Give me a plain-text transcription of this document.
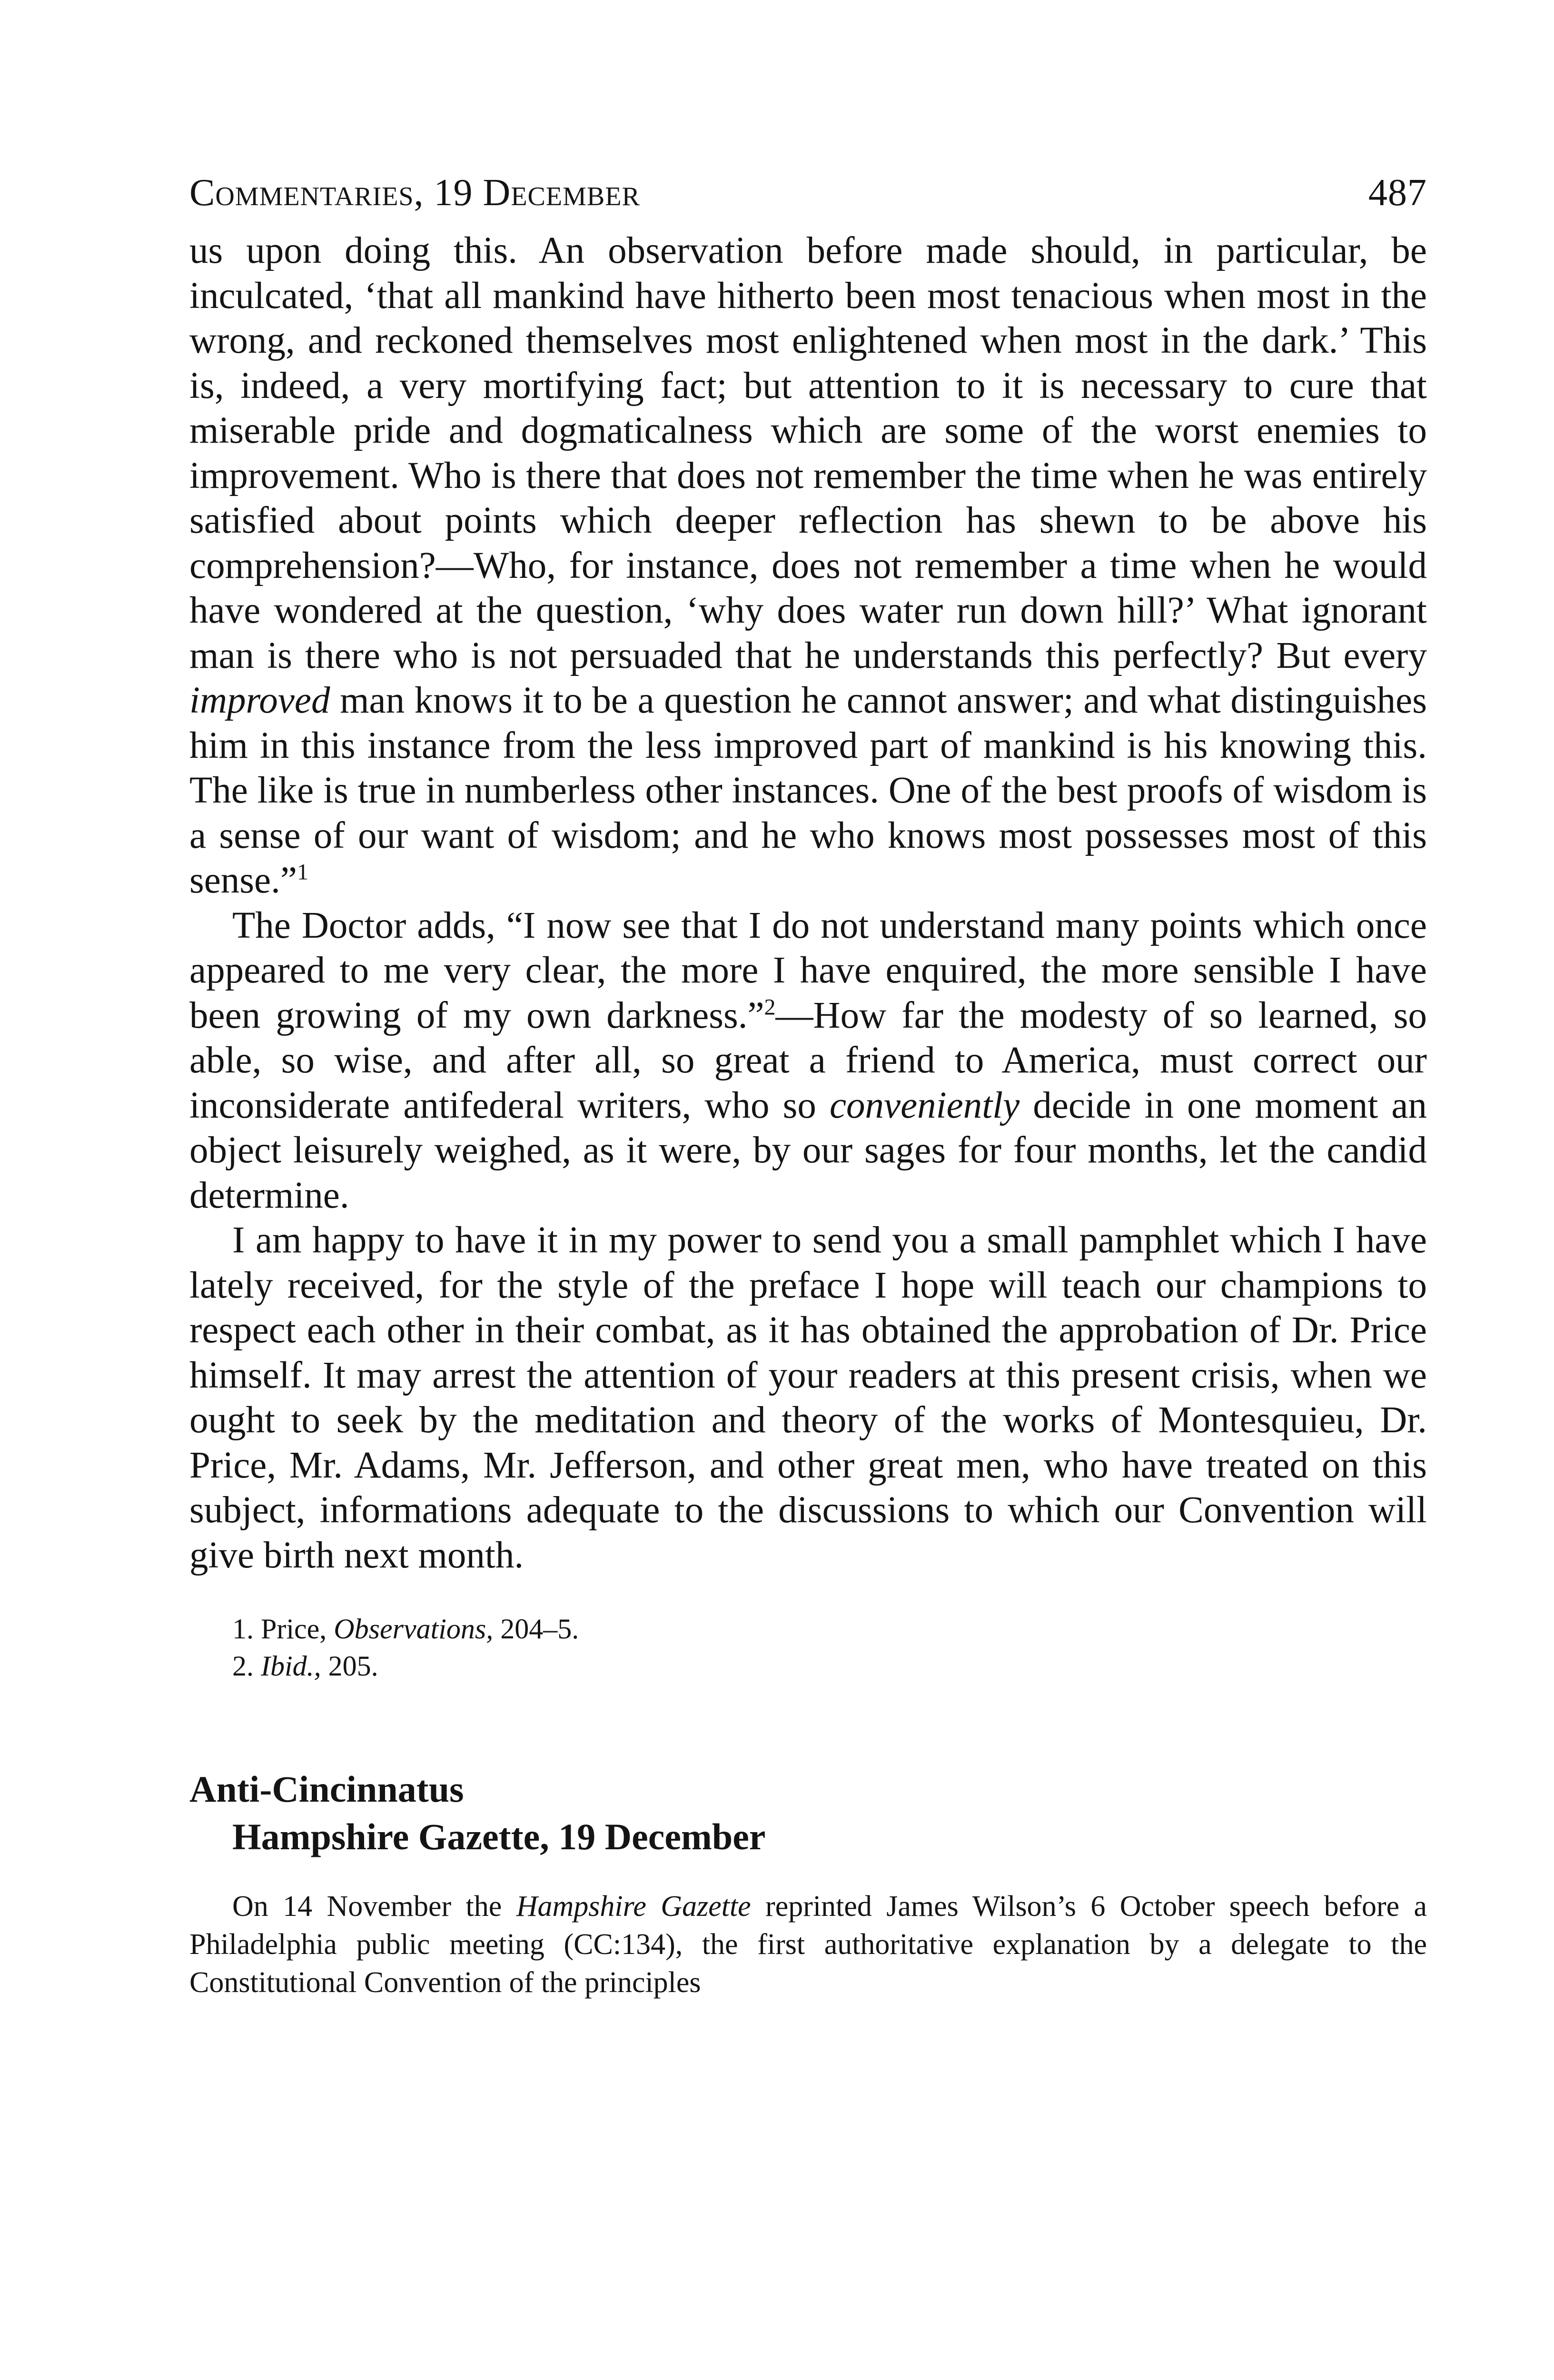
Commentaries, 19 December	487

us upon doing this. An observation before made should, in particular, be inculcated, ‘that all mankind have hitherto been most tenacious when most in the wrong, and reckoned themselves most enlightened when most in the dark.’ This is, indeed, a very mortifying fact; but attention to it is necessary to cure that miserable pride and dogmaticalness which are some of the worst enemies to improvement. Who is there that does not remember the time when he was entirely satisfied about points which deeper reflection has shewn to be above his comprehension?—Who, for instance, does not remember a time when he would have wondered at the question, ‘why does water run down hill?’ What ignorant man is there who is not persuaded that he understands this perfectly? But every improved man knows it to be a question he cannot answer; and what distinguishes him in this instance from the less improved part of mankind is his knowing this. The like is true in numberless other instances. One of the best proofs of wisdom is a sense of our want of wisdom; and he who knows most possesses most of this sense.”$^1$

The Doctor adds, “I now see that I do not understand many points which once appeared to me very clear, the more I have enquired, the more sensible I have been growing of my own darkness.”$^2$—How far the modesty of so learned, so able, so wise, and after all, so great a friend to America, must correct our inconsiderate antifederal writers, who so conveniently decide in one moment an object leisurely weighed, as it were, by our sages for four months, let the candid determine.

I am happy to have it in my power to send you a small pamphlet which I have lately received, for the style of the preface I hope will teach our champions to respect each other in their combat, as it has obtained the approbation of Dr. Price himself. It may arrest the attention of your readers at this present crisis, when we ought to seek by the meditation and theory of the works of Montesquieu, Dr. Price, Mr. Adams, Mr. Jefferson, and other great men, who have treated on this subject, informations adequate to the discussions to which our Convention will give birth next month.

1. Price, Observations, 204–5.
2. Ibid., 205.
Anti-Cincinnatus
Hampshire Gazette, 19 December

On 14 November the Hampshire Gazette reprinted James Wilson’s 6 October speech before a Philadelphia public meeting (CC:134), the first authoritative explanation by a delegate to the Constitutional Convention of the principles
